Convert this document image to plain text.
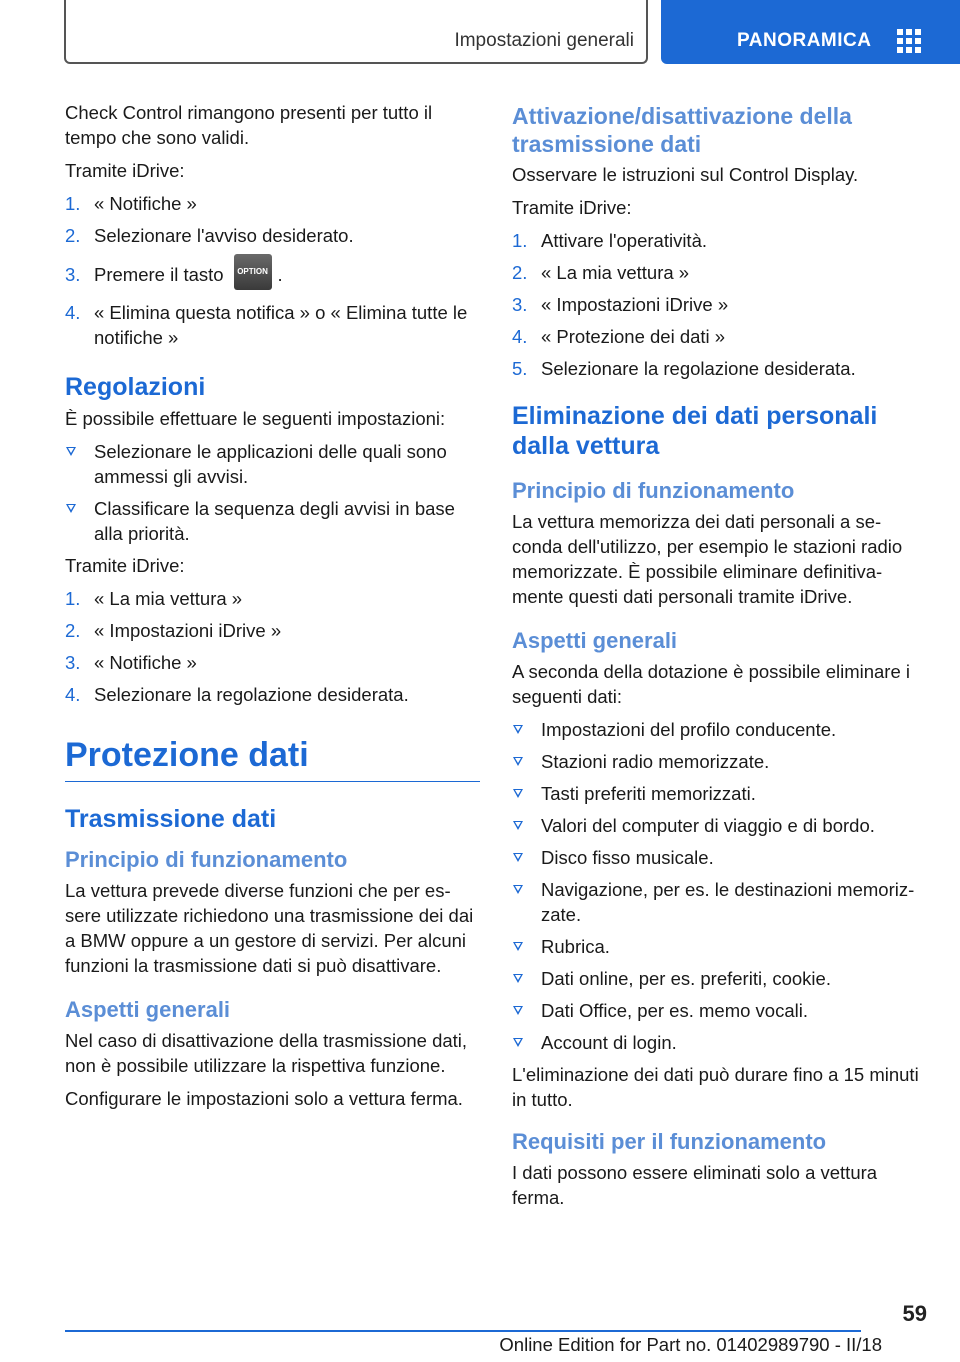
Impostazioni generali	PANORAMICA

Check Control rimangono presenti per tutto il tempo che sono validi.

Tramite iDrive:

1. « Notifiche »
2. Selezionare l'avviso desiderato.
3. Premere il tasto OPTION .
4. « Elimina questa notifica » o « Elimina tutte le notifiche »
Regolazioni

È possibile effettuare le seguenti impostazioni:

Selezionare le applicazioni delle quali sono ammessi gli avvisi.
Classificare la sequenza degli avvisi in base alla priorità.

Tramite iDrive:

1. « La mia vettura »
2. « Impostazioni iDrive »
3. « Notifiche »
4. Selezionare la regolazione desiderata.
Protezione dati
Trasmissione dati
Principio di funzionamento

La vettura prevede diverse funzioni che per essere utilizzate richiedono una trasmissione dei dai a BMW oppure a un gestore di servizi. Per alcuni funzioni la trasmissione dati si può disattivare.

Aspetti generali

Nel caso di disattivazione della trasmissione dati, non è possibile utilizzare la rispettiva funzione.

Configurare le impostazioni solo a vettura ferma.

Attivazione/disattivazione della trasmissione dati

Osservare le istruzioni sul Control Display.

Tramite iDrive:

1. Attivare l'operatività.
2. « La mia vettura »
3. « Impostazioni iDrive »
4. « Protezione dei dati »
5. Selezionare la regolazione desiderata.
Eliminazione dei dati personali dalla vettura
Principio di funzionamento

La vettura memorizza dei dati personali a seconda dell'utilizzo, per esempio le stazioni radio memorizzate. È possibile eliminare definitivamente questi dati personali tramite iDrive.

Aspetti generali

A seconda della dotazione è possibile eliminare i seguenti dati:

Impostazioni del profilo conducente.
Stazioni radio memorizzate.
Tasti preferiti memorizzati.
Valori del computer di viaggio e di bordo.
Disco fisso musicale.
Navigazione, per es. le destinazioni memorizzate.
Rubrica.
Dati online, per es. preferiti, cookie.
Dati Office, per es. memo vocali.
Account di login.

L'eliminazione dei dati può durare fino a 15 minuti in tutto.

Requisiti per il funzionamento

I dati possono essere eliminati solo a vettura ferma.

59
Online Edition for Part no. 01402989790 - II/18
